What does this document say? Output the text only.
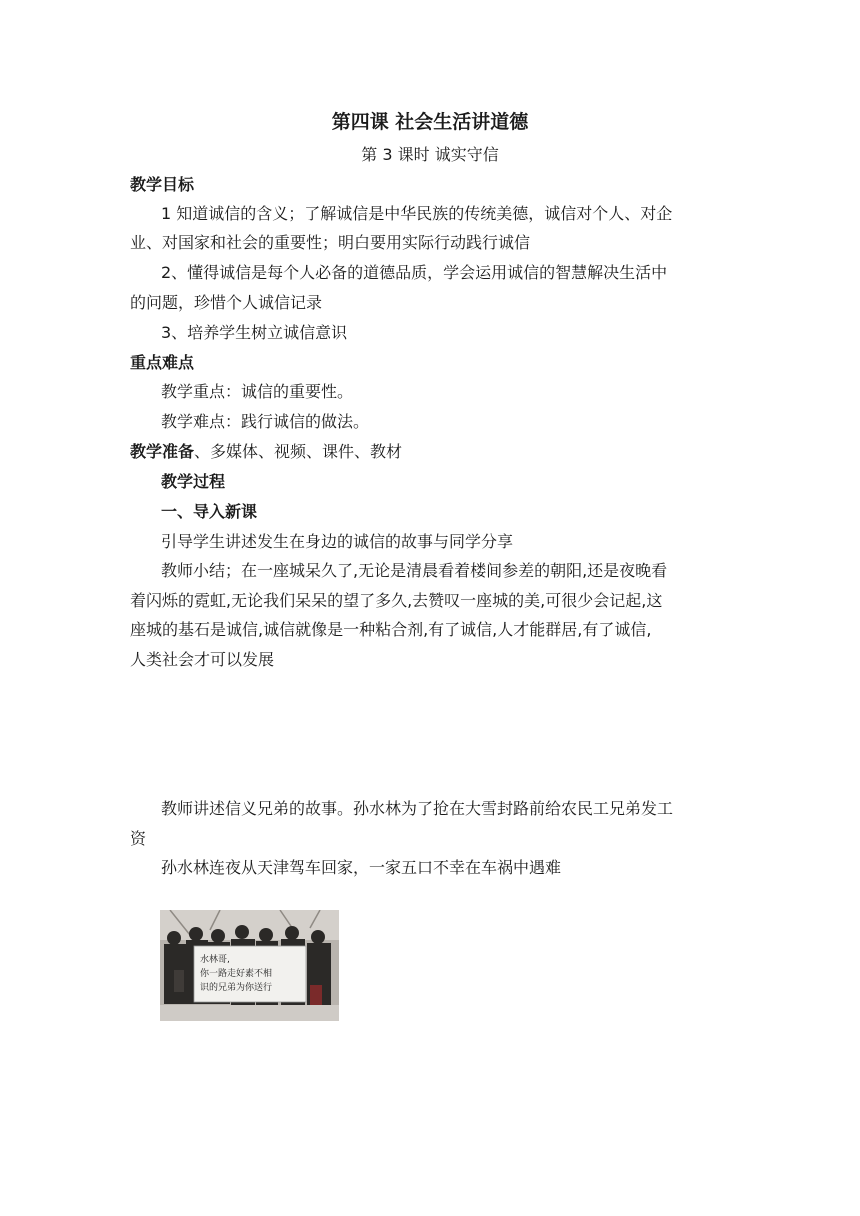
第四课 社会生活讲道德
第 3 课时 诚实守信
教学目标
1 知道诚信的含义；了解诚信是中华民族的传统美德，诚信对个人、对企
业、对国家和社会的重要性；明白要用实际行动践行诚信
2、懂得诚信是每个人必备的道德品质，学会运用诚信的智慧解决生活中
的问题，珍惜个人诚信记录
3、培养学生树立诚信意识
重点难点
教学重点：诚信的重要性。
教学难点：践行诚信的做法。
教学准备、多媒体、视频、课件、教材
教学过程
一、导入新课
引导学生讲述发生在身边的诚信的故事与同学分享
教师小结；在一座城呆久了,无论是清晨看着楼间参差的朝阳,还是夜晚看
着闪烁的霓虹,无论我们呆呆的望了多久,去赞叹一座城的美,可很少会记起,这
座城的基石是诚信,诚信就像是一种粘合剂,有了诚信,人才能群居,有了诚信,
人类社会才可以发展
教师讲述信义兄弟的故事。孙水林为了抢在大雪封路前给农民工兄弟发工
资
孙水林连夜从天津驾车回家，一家五口不幸在车祸中遇难
水林哥,
你一路走好素不相
识的兄弟为你送行
